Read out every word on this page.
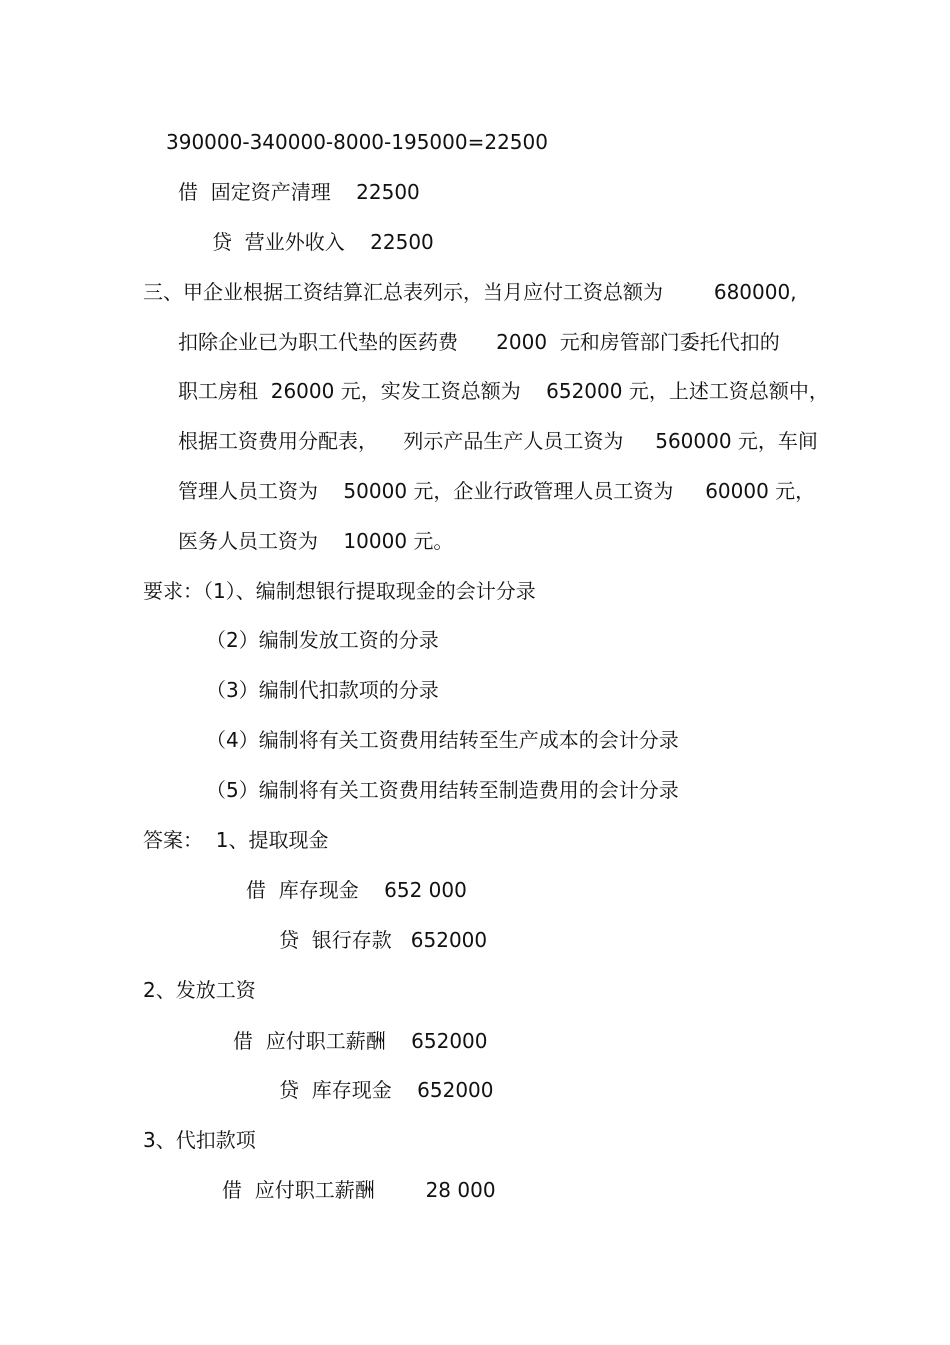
390000-340000-8000-195000=22500
借  固定资产清理    22500
贷  营业外收入    22500
三、甲企业根据工资结算汇总表列示，当月应付工资总额为        680000,
扣除企业已为职工代垫的医药费      2000  元和房管部门委托代扣的
职工房租  26000 元，实发工资总额为    652000 元，上述工资总额中，
根据工资费用分配表，    列示产品生产人员工资为     560000 元，车间
管理人员工资为    50000 元，企业行政管理人员工资为     60000 元，
医务人员工资为    10000 元。
要求：（1）、编制想银行提取现金的会计分录
（2）编制发放工资的分录
（3）编制代扣款项的分录
（4）编制将有关工资费用结转至生产成本的会计分录
（5）编制将有关工资费用结转至制造费用的会计分录
答案：  1、提取现金
借  库存现金    652 000
贷  银行存款   652000
2、发放工资
借  应付职工薪酬    652000
贷  库存现金    652000
3、代扣款项
借  应付职工薪酬        28 000
